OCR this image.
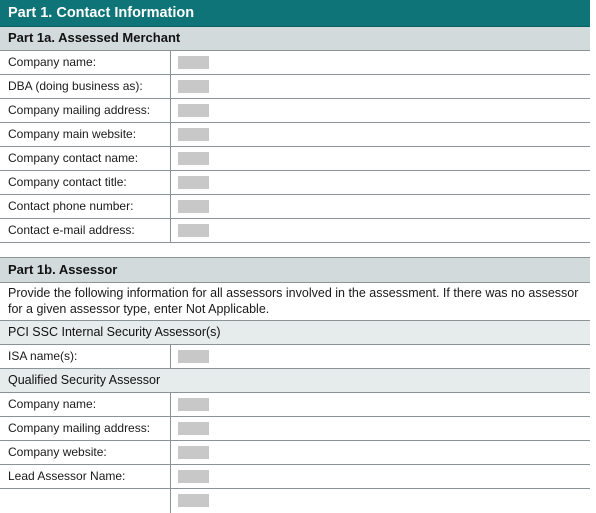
Part 1. Contact Information
Part 1a. Assessed Merchant
Company name:
DBA (doing business as):
Company mailing address:
Company main website:
Company contact name:
Company contact title:
Contact phone number:
Contact e-mail address:
Part 1b. Assessor
Provide the following information for all assessors involved in the assessment. If there was no assessor for a given assessor type, enter Not Applicable.
PCI SSC Internal Security Assessor(s)
ISA name(s):
Qualified Security Assessor
Company name:
Company mailing address:
Company website:
Lead Assessor Name:
